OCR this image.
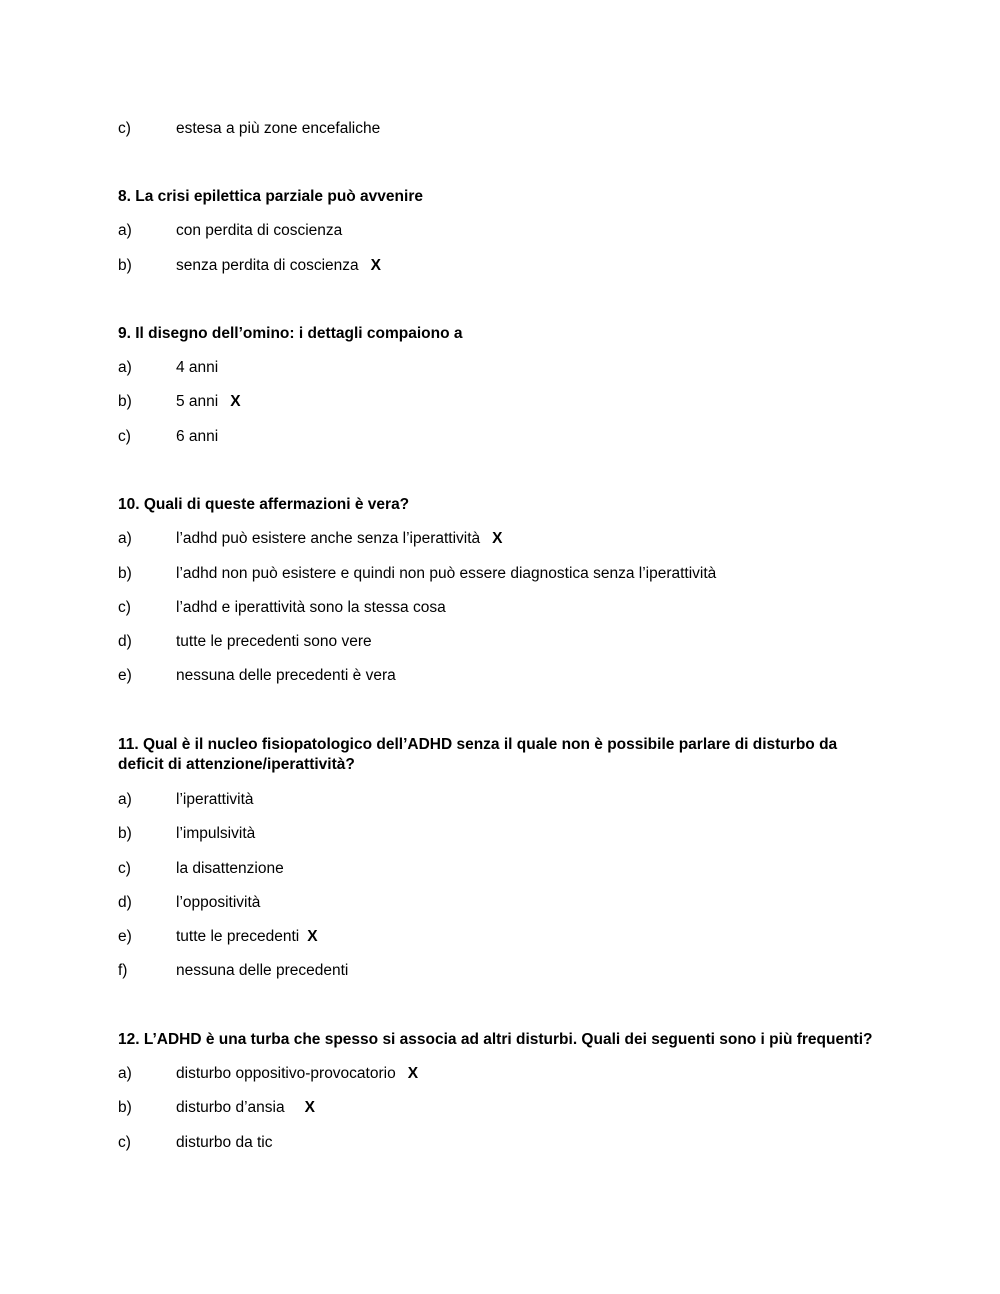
c)	estesa a più zone encefaliche
8. La crisi epilettica parziale può avvenire
a)	con perdita di coscienza
b)	senza perdita di coscienza X
9. Il disegno dell’omino: i dettagli compaiono a
a)	4 anni
b)	5 anni X
c)	6 anni
10. Quali di queste affermazioni è vera?
a)	l’adhd può esistere anche senza l’iperattività X
b)	l’adhd non può esistere e quindi non può essere diagnostica senza l’iperattività
c)	l’adhd e iperattività sono la stessa cosa
d)	tutte le precedenti sono vere
e)	nessuna delle precedenti è vera
11. Qual è il nucleo fisiopatologico dell’ADHD senza il quale non è possibile parlare di disturbo da deficit di attenzione/iperattività?
a)	l’iperattività
b)	l’impulsività
c)	la disattenzione
d)	l’oppositività
e)	tutte le precedenti X
f)	nessuna delle precedenti
12. L’ADHD è una turba che spesso si associa ad altri disturbi. Quali dei seguenti sono i più frequenti?
a)	disturbo oppositivo-provocatorio X
b)	disturbo d’ansia X
c)	disturbo da tic
